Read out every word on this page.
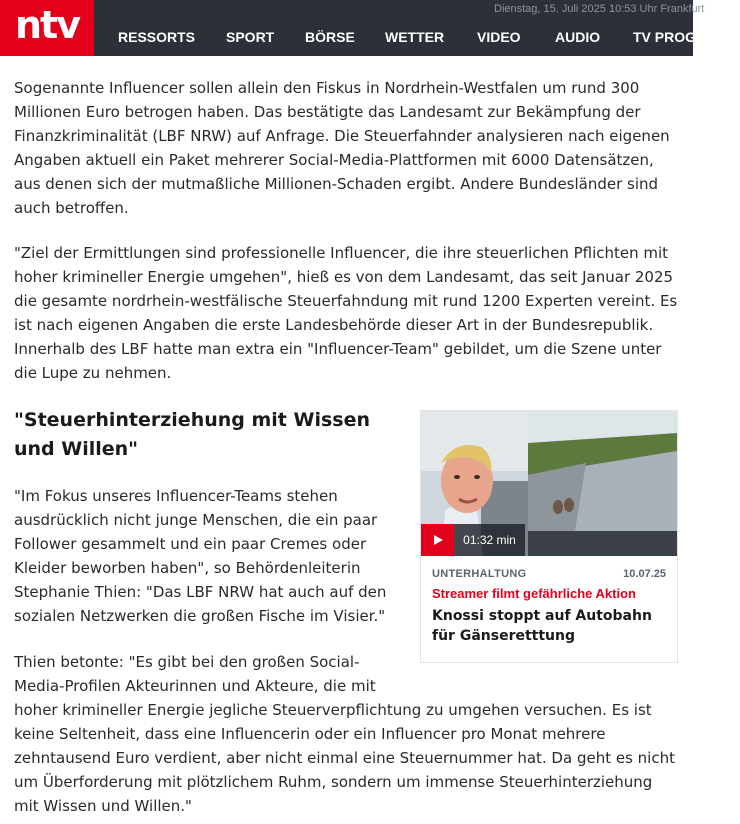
ntv	Dienstag, 15. Juli 2025 10:53 Uhr Frankfurt
RESSORTS SPORT BÖRSE WETTER VIDEO AUDIO TV PROGRAMM

Sogenannte Influencer sollen allein den Fiskus in Nordrhein-Westfalen um rund 300 Millionen Euro betrogen haben. Das bestätigte das Landesamt zur Bekämpfung der Finanzkriminalität (LBF NRW) auf Anfrage. Die Steuerfahnder analysieren nach eigenen Angaben aktuell ein Paket mehrerer Social-Media-Plattformen mit 6000 Datensätzen, aus denen sich der mutmaßliche Millionen-Schaden ergibt. Andere Bundesländer sind auch betroffen.

"Ziel der Ermittlungen sind professionelle Influencer, die ihre steuerlichen Pflichten mit hoher krimineller Energie umgehen", hieß es von dem Landesamt, das seit Januar 2025 die gesamte nordrhein-westfälische Steuerfahndung mit rund 1200 Experten vereint. Es ist nach eigenen Angaben die erste Landesbehörde dieser Art in der Bundesrepublik. Innerhalb des LBF hatte man extra ein "Influencer-Team" gebildet, um die Szene unter die Lupe zu nehmen.

"Steuerhinterziehung mit Wissen und Willen"

"Im Fokus unseres Influencer-Teams stehen ausdrücklich nicht junge Menschen, die ein paar Follower gesammelt und ein paar Cremes oder Kleider beworben haben", so Behördenleiterin Stephanie Thien: "Das LBF NRW hat auch auf den sozialen Netzwerken die großen Fische im Visier."

Thien betonte: "Es gibt bei den großen Social-
Media-Profilen Akteurinnen und Akteure, die mit
hoher krimineller Energie jegliche Steuerverpflichtung zu umgehen versuchen. Es ist
keine Seltenheit, dass eine Influencerin oder ein Influencer pro Monat mehrere
zehntausend Euro verdient, aber nicht einmal eine Steuernummer hat. Da geht es nicht
um Überforderung mit plötzlichem Ruhm, sondern um immense Steuerhinterziehung
mit Wissen und Willen."

01:32 min
UNTERHALTUNG	10.07.25
Streamer filmt gefährliche Aktion
Knossi stoppt auf Autobahn für Gänseretttung
